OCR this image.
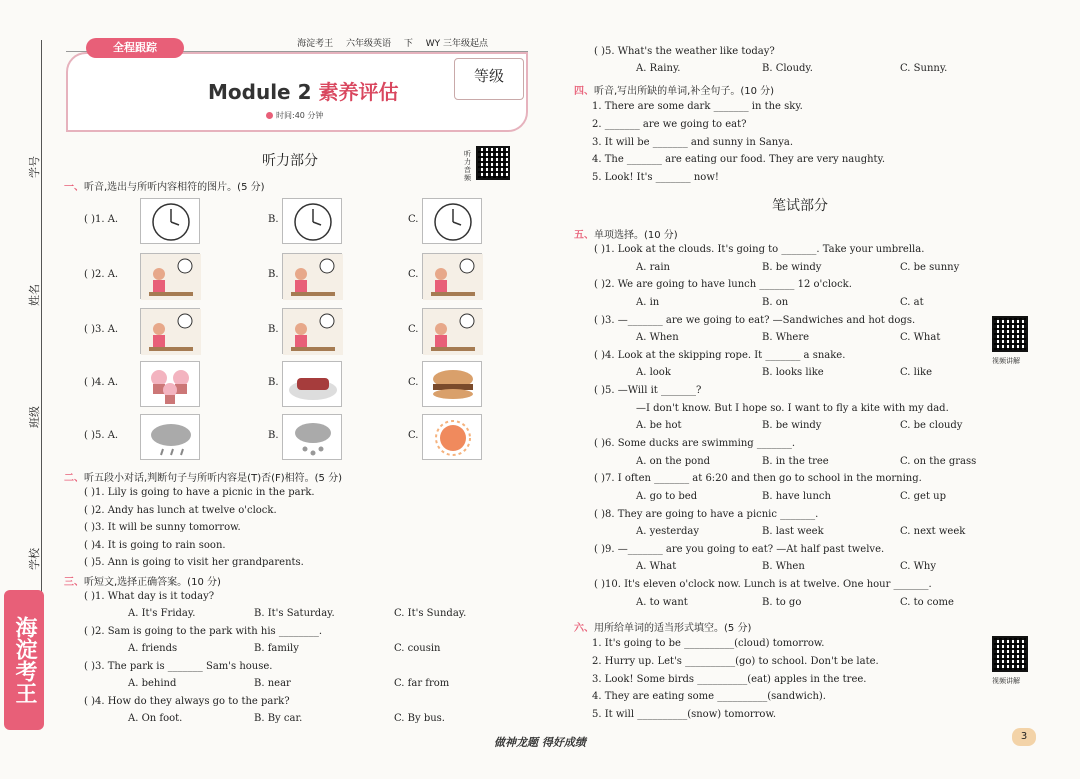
学号
姓名
班级
学校
海淀考王
海淀考王 六年级英语 下 WY 三年级起点
全程跟踪
Module 2 素养评估
时间:40 分钟
等级
听力部分	听力音频
一、听音,选出与所听内容相符的图片。(5 分)
二、听五段小对话,判断句子与所听内容是(T)否(F)相符。(5 分)
三、听短文,选择正确答案。(10 分)
四、听音,写出所缺的单词,补全句子。(10 分)
笔试部分
五、单项选择。(10 分)
六、用所给单词的适当形式填空。(5 分)
视频讲解
视频讲解
做神龙题 得好成绩	3
( )1. A.	B.	C.
( )2. A.	B.	C.
( )3. A.	B.	C.
( )4. A.	B.	C.
( )5. A.	B.	C.
( )1. Lily is going to have a picnic in the park.
( )2. Andy has lunch at twelve o'clock.
( )3. It will be sunny tomorrow.
( )4. It is going to rain soon.
( )5. Ann is going to visit her grandparents.
( )1. What day is it today?
A. It's Friday.	B. It's Saturday.	C. It's Sunday.
( )2. Sam is going to the park with his ________.
A. friends	B. family	C. cousin
( )3. The park is _______ Sam's house.
A. behind	B. near	C. far from
( )4. How do they always go to the park?
A. On foot.	B. By car.	C. By bus.
( )5. What's the weather like today?
A. Rainy.	B. Cloudy.	C. Sunny.
1. There are some dark _______ in the sky.
2. _______ are we going to eat?
3. It will be _______ and sunny in Sanya.
4. The _______ are eating our food. They are very naughty.
5. Look! It's _______ now!
( )1. Look at the clouds. It's going to _______. Take your umbrella.
A. rain	B. be windy	C. be sunny
( )2. We are going to have lunch _______ 12 o'clock.
A. in	B. on	C. at
( )3. —_______ are we going to eat? —Sandwiches and hot dogs.
A. When	B. Where	C. What
( )4. Look at the skipping rope. It _______ a snake.
A. look	B. looks like	C. like
( )5. —Will it _______?
—I don't know. But I hope so. I want to fly a kite with my dad.
A. be hot	B. be windy	C. be cloudy
( )6. Some ducks are swimming _______.
A. on the pond	B. in the tree	C. on the grass
( )7. I often _______ at 6:20 and then go to school in the morning.
A. go to bed	B. have lunch	C. get up
( )8. They are going to have a picnic _______.
A. yesterday	B. last week	C. next week
( )9. —_______ are you going to eat? —At half past twelve.
A. What	B. When	C. Why
( )10. It's eleven o'clock now. Lunch is at twelve. One hour _______.
A. to want	B. to go	C. to come
1. It's going to be __________(cloud) tomorrow.
2. Hurry up. Let's __________(go) to school. Don't be late.
3. Look! Some birds __________(eat) apples in the tree.
4. They are eating some __________(sandwich).
5. It will __________(snow) tomorrow.
